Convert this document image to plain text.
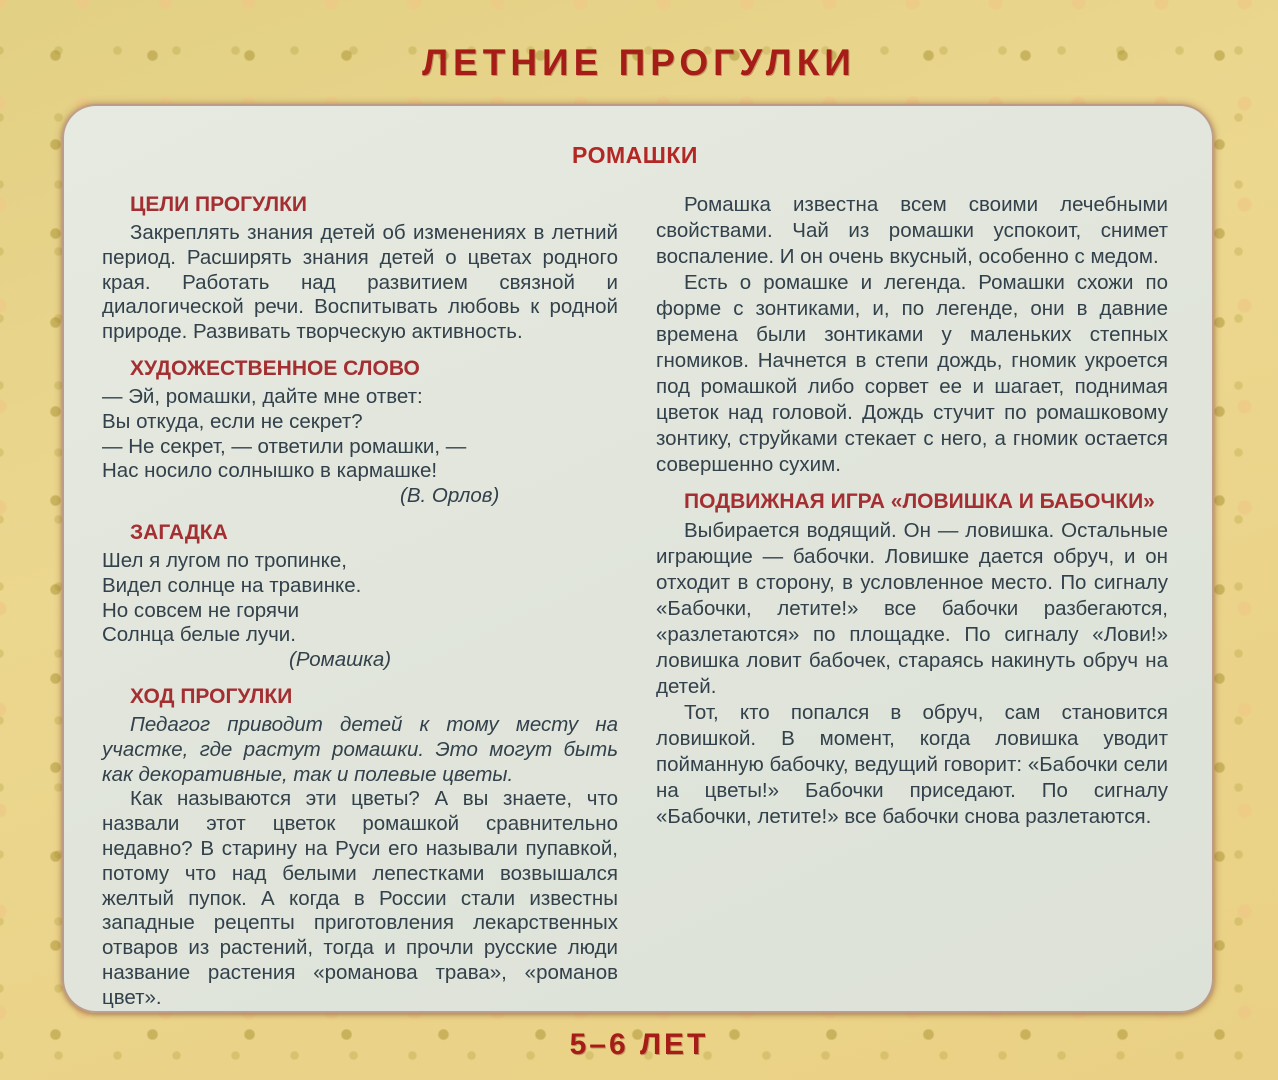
ЛЕТНИЕ ПРОГУЛКИ
РОМАШКИ
ЦЕЛИ ПРОГУЛКИ
Закреплять знания детей об изменениях в летний период. Расширять знания детей о цветах родного края. Работать над развитием связной и диалогической речи. Воспитывать любовь к родной природе. Развивать творческую активность.
ХУДОЖЕСТВЕННОЕ СЛОВО
— Эй, ромашки, дайте мне ответ:
Вы откуда, если не секрет?
— Не секрет, — ответили ромашки, —
Нас носило солнышко в кармашке!
(В. Орлов)
ЗАГАДКА
Шел я лугом по тропинке,
Видел солнце на травинке.
Но совсем не горячи
Солнца белые лучи.
(Ромашка)
ХОД ПРОГУЛКИ
Педагог приводит детей к тому месту на участке, где растут ромашки. Это могут быть как декоративные, так и полевые цветы.
Как называются эти цветы? А вы знаете, что назвали этот цветок ромашкой сравнительно недавно? В старину на Руси его называли пупавкой, потому что над белыми лепестками возвышался желтый пупок. А когда в России стали известны западные рецепты приготовления лекарственных отваров из растений, тогда и прочли русские люди название растения «романова трава», «романов цвет».
Ромашка известна всем своими лечебными свойствами. Чай из ромашки успокоит, снимет воспаление. И он очень вкусный, особенно с медом.
Есть о ромашке и легенда. Ромашки схожи по форме с зонтиками, и, по легенде, они в давние времена были зонтиками у маленьких степных гномиков. Начнется в степи дождь, гномик укроется под ромашкой либо сорвет ее и шагает, поднимая цветок над головой. Дождь стучит по ромашковому зонтику, струйками стекает с него, а гномик остается совершенно сухим.
ПОДВИЖНАЯ ИГРА «ЛОВИШКА И БАБОЧКИ»
Выбирается водящий. Он — ловишка. Остальные играющие — бабочки. Ловишке дается обруч, и он отходит в сторону, в условленное место. По сигналу «Бабочки, летите!» все бабочки разбегаются, «разлетаются» по площадке. По сигналу «Лови!» ловишка ловит бабочек, стараясь накинуть обруч на детей.
Тот, кто попался в обруч, сам становится ловишкой. В момент, когда ловишка уводит пойманную бабочку, ведущий говорит: «Бабочки сели на цветы!» Бабочки приседают. По сигналу «Бабочки, летите!» все бабочки снова разлетаются.
5–6 ЛЕТ
